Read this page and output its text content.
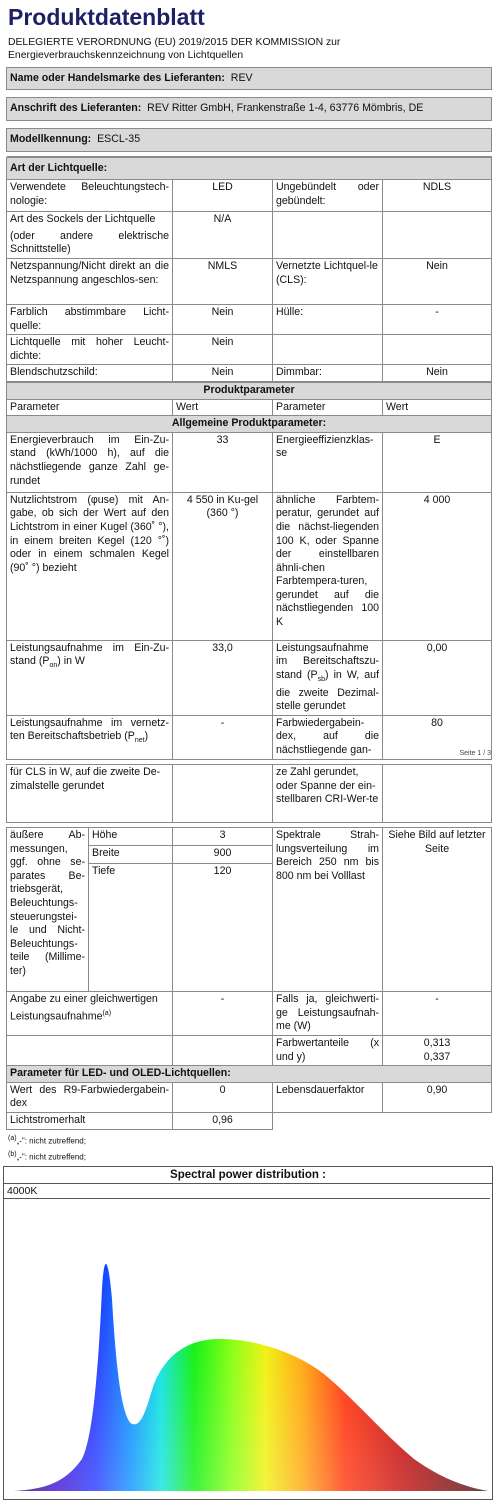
Produktdatenblatt
DELEGIERTE VERORDNUNG (EU) 2019/2015 DER KOMMISSION zur Energieverbrauchskennzeichnung von Lichtquellen
Name oder Handelsmarke des Lieferanten: REV

Anschrift des Lieferanten: REV Ritter GmbH, Frankenstraße 1-4, 63776 Mömbris, DE

Modellkennung: ESCL-35

Art der Lichtquelle:			
Verwendete Beleuchtungstech-nologie:	LED	Ungebündelt oder gebündelt:	NDLS

Art des Sockels der Lichtquelle
(oder andere elektrische Schnittstelle)	N/A		
Netzspannung/Nicht direkt an die Netzspannung angeschlos-sen:	NMLS	Vernetzte Lichtquel-le (CLS):	Nein
Farblich abstimmbare Licht-quelle:	Nein	Hülle:	-
Lichtquelle mit hoher Leucht-dichte:	Nein		
Blendschutzschild:	Nein	Dimmbar:	Nein
Produktparameter			
Parameter	Wert	Parameter	Wert
Allgemeine Produktparameter:			
Energieverbrauch im Ein-Zu-stand (kWh/1000 h), auf die nächstliegende ganze Zahl ge-rundet	33	Energieeffizienzklas-se	E
Nutzlichtstrom (φuse) mit An-gabe, ob sich der Wert auf den Lichtstrom in einer Kugel (360˚ °), in einem breiten Kegel (120 °˚) oder in einem schmalen Kegel (90˚ °) bezieht	4 550 in Ku-gel (360 °)	ähnliche Farbtem-peratur, gerundet auf die nächst-liegenden 100 K, oder Spanne der einstellbaren ähnli-chen Farbtempera-turen, gerundet auf die nächstliegenden 100 K	4 000
Leistungsaufnahme im Ein-Zu-stand $(P_{on})$ in W	33,0	Leistungsaufnahme im Bereitschaftszu-stand $(P_{sb})$ in W, auf die zweite Dezimal-stelle gerundet	0,00
Leistungsaufnahme im vernetz-ten Bereitschaftsbetrieb $(P_{net})$	-	Farbwiedergabein-dex, auf die nächstliegende gan-	80
Seite 1 / 3
für CLS in W, auf die zweite De-zimalstelle gerundet			ze Zahl gerundet, oder Spanne der ein-stellbaren CRI-Wer-te	

äußere Ab-messungen, ggf. ohne se-parates Be-triebsgerät, Beleuchtungs-steuerungstei-le und Nicht-Beleuchtungs-teile (Millime-ter)	Höhe	3	Spektrale Strah-lungsverteilung im Bereich 250 nm bis 800 nm bei Volllast	Siehe Bild auf letzter Seite
	Breite	900		
	Tiefe	120		

Angabe zu einer gleichwertigen Leistungsaufnahme$^{(a)}$		-	Falls ja, gleichwerti-ge Leistungsaufnah-me (W)	-
			Farbwertanteile (x und y)	0,313
0,337

Parameter für LED- und OLED-Lichtquellen:				
Wert des R9-Farbwiedergabein-dex		0	Lebensdauerfaktor	0,90
Lichtstromerhalt		0,96		
$^{(a)}$„-": nicht zutreffend;
$^{(b)}$„-": nicht zutreffend;
Spectral power distribution :
4000K
